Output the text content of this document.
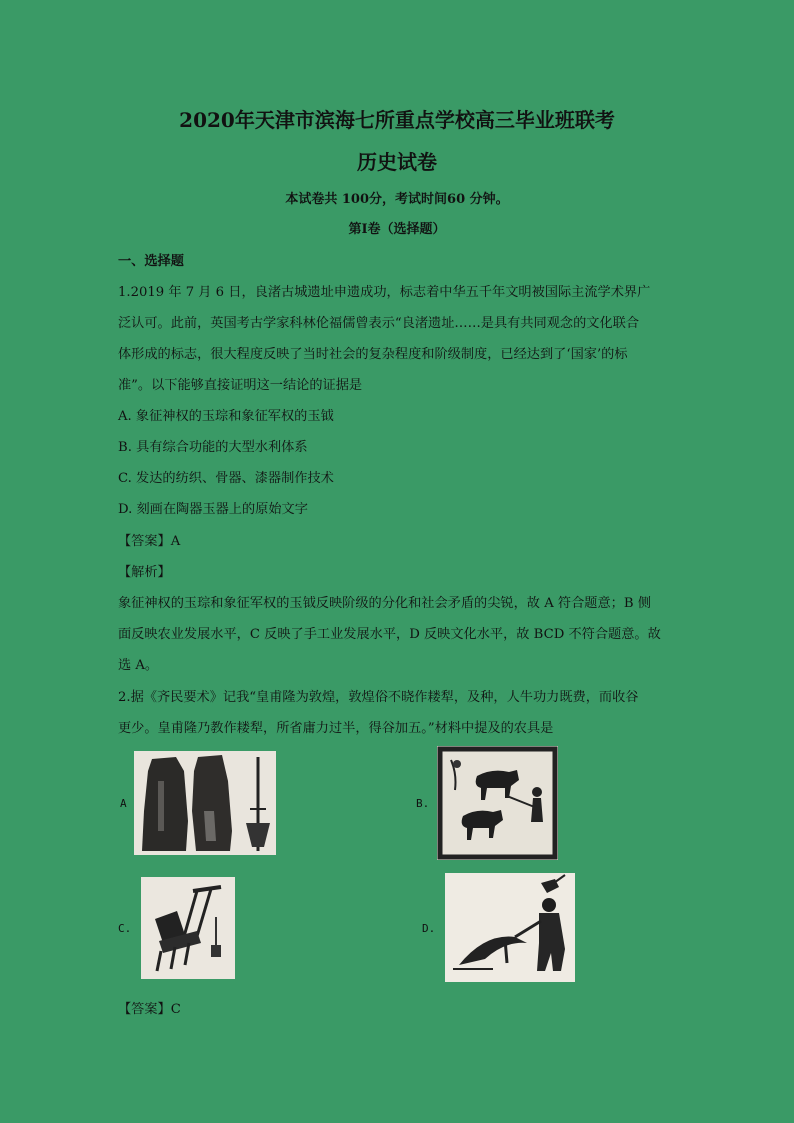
2020年天津市滨海七所重点学校高三毕业班联考
历史试卷
本试卷共 100分，考试时间60 分钟。
第Ⅰ卷（选择题）
一、选择题
1.2019 年 7 月 6 日，良渚古城遗址申遗成功，标志着中华五千年文明被国际主流学术界广
泛认可。此前，英国考古学家科林伦福儒曾表示“良渚遗址……是具有共同观念的文化联合
体形成的标志，很大程度反映了当时社会的复杂程度和阶级制度，已经达到了‘国家’的标
准”。以下能够直接证明这一结论的证据是
A. 象征神权的玉琮和象征军权的玉钺
B. 具有综合功能的大型水利体系
C. 发达的纺织、骨器、漆器制作技术
D. 刻画在陶器玉器上的原始文字
【答案】A
【解析】
象征神权的玉琮和象征军权的玉钺反映阶级的分化和社会矛盾的尖锐，故 A 符合题意；B 侧
面反映农业发展水平，C 反映了手工业发展水平，D 反映文化水平，故 BCD 不符合题意。故
选 A。
2.据《齐民要术》记我“皇甫隆为敦煌，敦煌俗不晓作耧犁，及种，人牛功力既费，而收谷
更少。皇甫隆乃教作耧犁，所省庸力过半，得谷加五。”材料中提及的农具是
A	B.
C.	D.
【答案】C
